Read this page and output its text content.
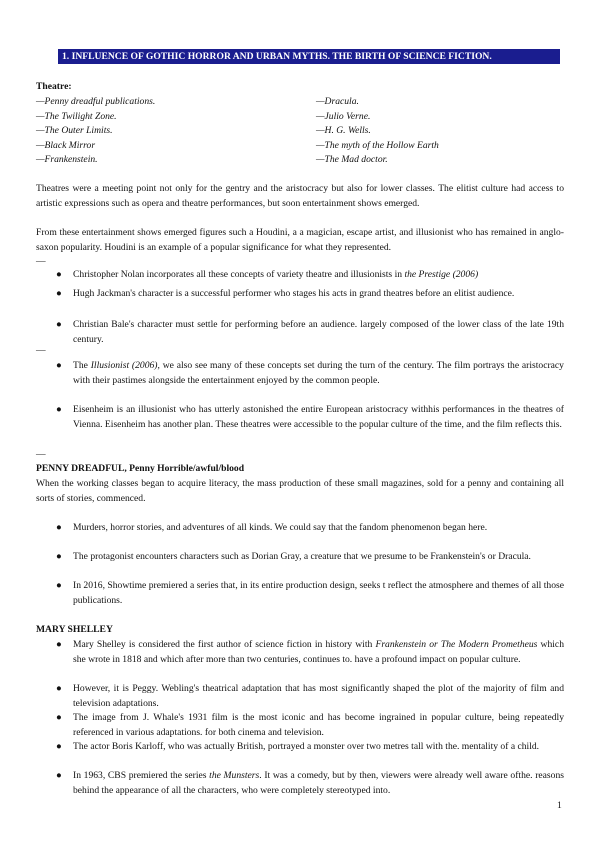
1. INFLUENCE OF GOTHIC HORROR AND URBAN MYTHS. THE BIRTH OF SCIENCE FICTION.
Theatre:
—Penny dreadful publications.
—The Twilight Zone.
—The Outer Limits.
—Black Mirror
—Frankenstein.
—Dracula.
—Julio Verne.
—H. G. Wells.
—The myth of the Hollow Earth
—The Mad doctor.
Theatres were a meeting point not only for the gentry and the aristocracy but also for lower classes. The elitist culture had access to artistic expressions such as opera and theatre performances, but soon entertainment shows emerged.
From these entertainment shows emerged figures such a Houdini, a a magician, escape artist, and illusionist who has remained in anglo-saxon popularity. Houdini is an example of a popular significance for what they represented.
—
● Christopher Nolan incorporates all these concepts of variety theatre and illusionists in the Prestige (2006)
● Hugh Jackman's character is a successful performer who stages his acts in grand theatres before an elitist audience.
● Christian Bale's character must settle for performing before an audience. largely composed of the lower class of the late 19th century.
—
● The Illusionist (2006), we also see many of these concepts set during the turn of the century. The film portrays the aristocracy with their pastimes alongside the entertainment enjoyed by the common people.
● Eisenheim is an illusionist who has utterly astonished the entire European aristocracy withhis performances in the theatres of Vienna. Eisenheim has another plan. These theatres were accessible to the popular culture of the time, and the film reflects this.
—
PENNY DREADFUL, Penny Horrible/awful/blood
When the working classes began to acquire literacy, the mass production of these small magazines, sold for a penny and containing all sorts of stories, commenced.
● Murders, horror stories, and adventures of all kinds. We could say that the fandom phenomenon began here.
● The protagonist encounters characters such as Dorian Gray, a creature that we presume to be Frankenstein's or Dracula.
● In 2016, Showtime premiered a series that, in its entire production design, seeks t reflect the atmosphere and themes of all those publications.
MARY SHELLEY
● Mary Shelley is considered the first author of science fiction in history with Frankenstein or The Modern Prometheus which she wrote in 1818 and which after more than two centuries, continues to. have a profound impact on popular culture.
● However, it is Peggy. Webling's theatrical adaptation that has most significantly shaped the plot of the majority of film and television adaptations.
● The image from J. Whale's 1931 film is the most iconic and has become ingrained in popular culture, being repeatedly referenced in various adaptations. for both cinema and television.
● The actor Boris Karloff, who was actually British, portrayed a monster over two metres tall with the. mentality of a child.
● In 1963, CBS premiered the series the Munsters. It was a comedy, but by then, viewers were already well aware ofthe. reasons behind the appearance of all the characters, who were completely stereotyped into.
1
